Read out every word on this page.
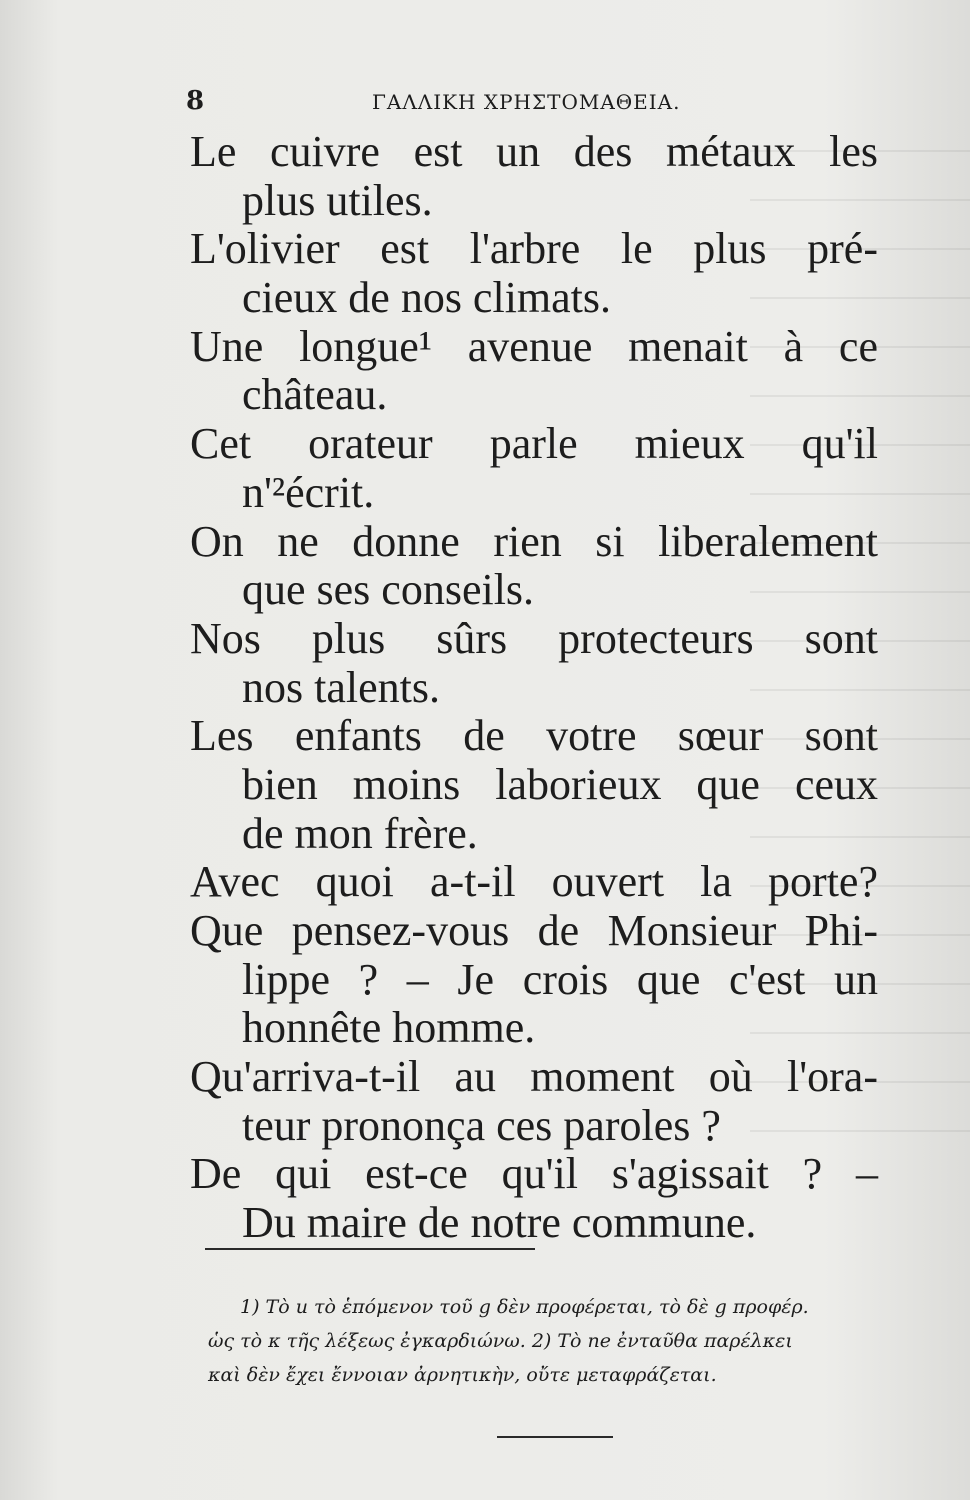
8	ΓΑΛΛΙΚΗ ΧΡΗΣΤΟΜΑΘΕΙΑ.
Le cuivre est un des métaux les
plus utiles.
L'olivier est l'arbre le plus pré-
cieux de nos climats.
Une longue¹ avenue menait à ce
château.
Cet orateur parle mieux qu'il
n'²écrit.
On ne donne rien si liberalement
que ses conseils.
Nos plus sûrs protecteurs sont
nos talents.
Les enfants de votre sœur sont
bien moins laborieux que ceux
de mon frère.
Avec quoi a-t-il ouvert la porte?
Que pensez-vous de Monsieur Phi-
lippe ? – Je crois que c'est un
honnête homme.
Qu'arriva-t-il au moment où l'ora-
teur prononça ces paroles ?
De qui est-ce qu'il s'agissait ? –
Du maire de notre commune.
1) Τὸ u τὸ ἑπόμενον τοῦ g δὲν προφέρεται, τὸ δὲ g προφέρ.
ὡς τὸ κ τῆς λέξεως ἐγκαρδιώνω. 2) Τὸ ne ἐνταῦθα παρέλκει
καὶ δὲν ἔχει ἔννοιαν ἀρνητικὴν, οὔτε μεταφράζεται.
